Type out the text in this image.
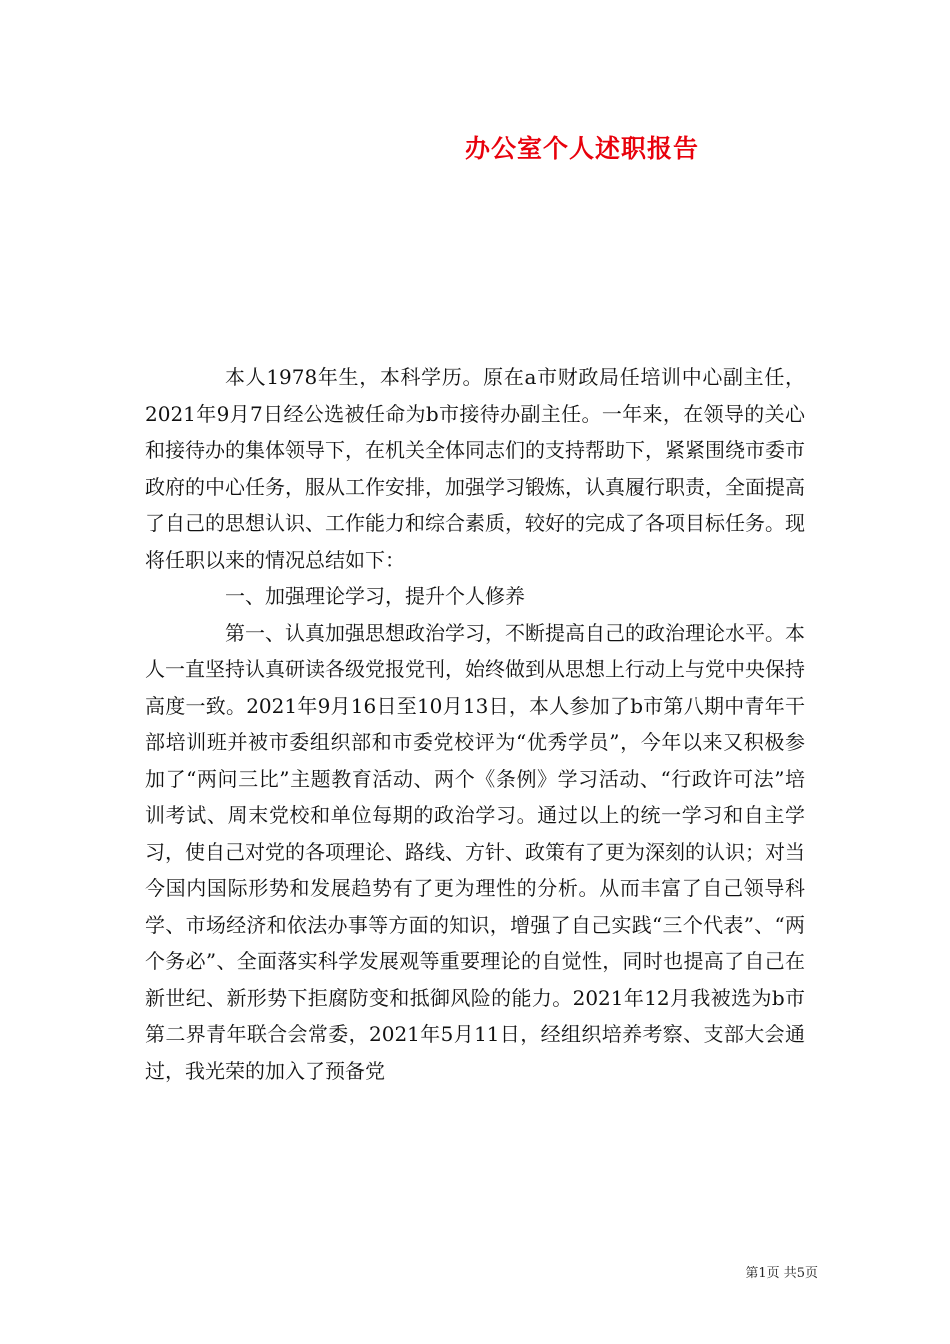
办公室个人述职报告

本人1978年生，本科学历。原在a市财政局任培训中心副主任，2021年9月7日经公选被任命为b市接待办副主任。一年来，在领导的关心和接待办的集体领导下，在机关全体同志们的支持帮助下，紧紧围绕市委市政府的中心任务，服从工作安排，加强学习锻炼，认真履行职责，全面提高了自己的思想认识、工作能力和综合素质，较好的完成了各项目标任务。现将任职以来的情况总结如下：

一、加强理论学习，提升个人修养

第一、认真加强思想政治学习，不断提高自己的政治理论水平。本人一直坚持认真研读各级党报党刊，始终做到从思想上行动上与党中央保持高度一致。2021年9月16日至10月13日，本人参加了b市第八期中青年干部培训班并被市委组织部和市委党校评为“优秀学员”，今年以来又积极参加了“两问三比”主题教育活动、两个《条例》学习活动、“行政许可法”培训考试、周末党校和单位每期的政治学习。通过以上的统一学习和自主学习，使自己对党的各项理论、路线、方针、政策有了更为深刻的认识；对当今国内国际形势和发展趋势有了更为理性的分析。从而丰富了自己领导科学、市场经济和依法办事等方面的知识，增强了自己实践“三个代表”、“两个务必”、全面落实科学发展观等重要理论的自觉性，同时也提高了自己在新世纪、新形势下拒腐防变和抵御风险的能力。2021年12月我被选为b市第二界青年联合会常委，2021年5月11日，经组织培养考察、支部大会通过，我光荣的加入了预备党

第1页 共5页
